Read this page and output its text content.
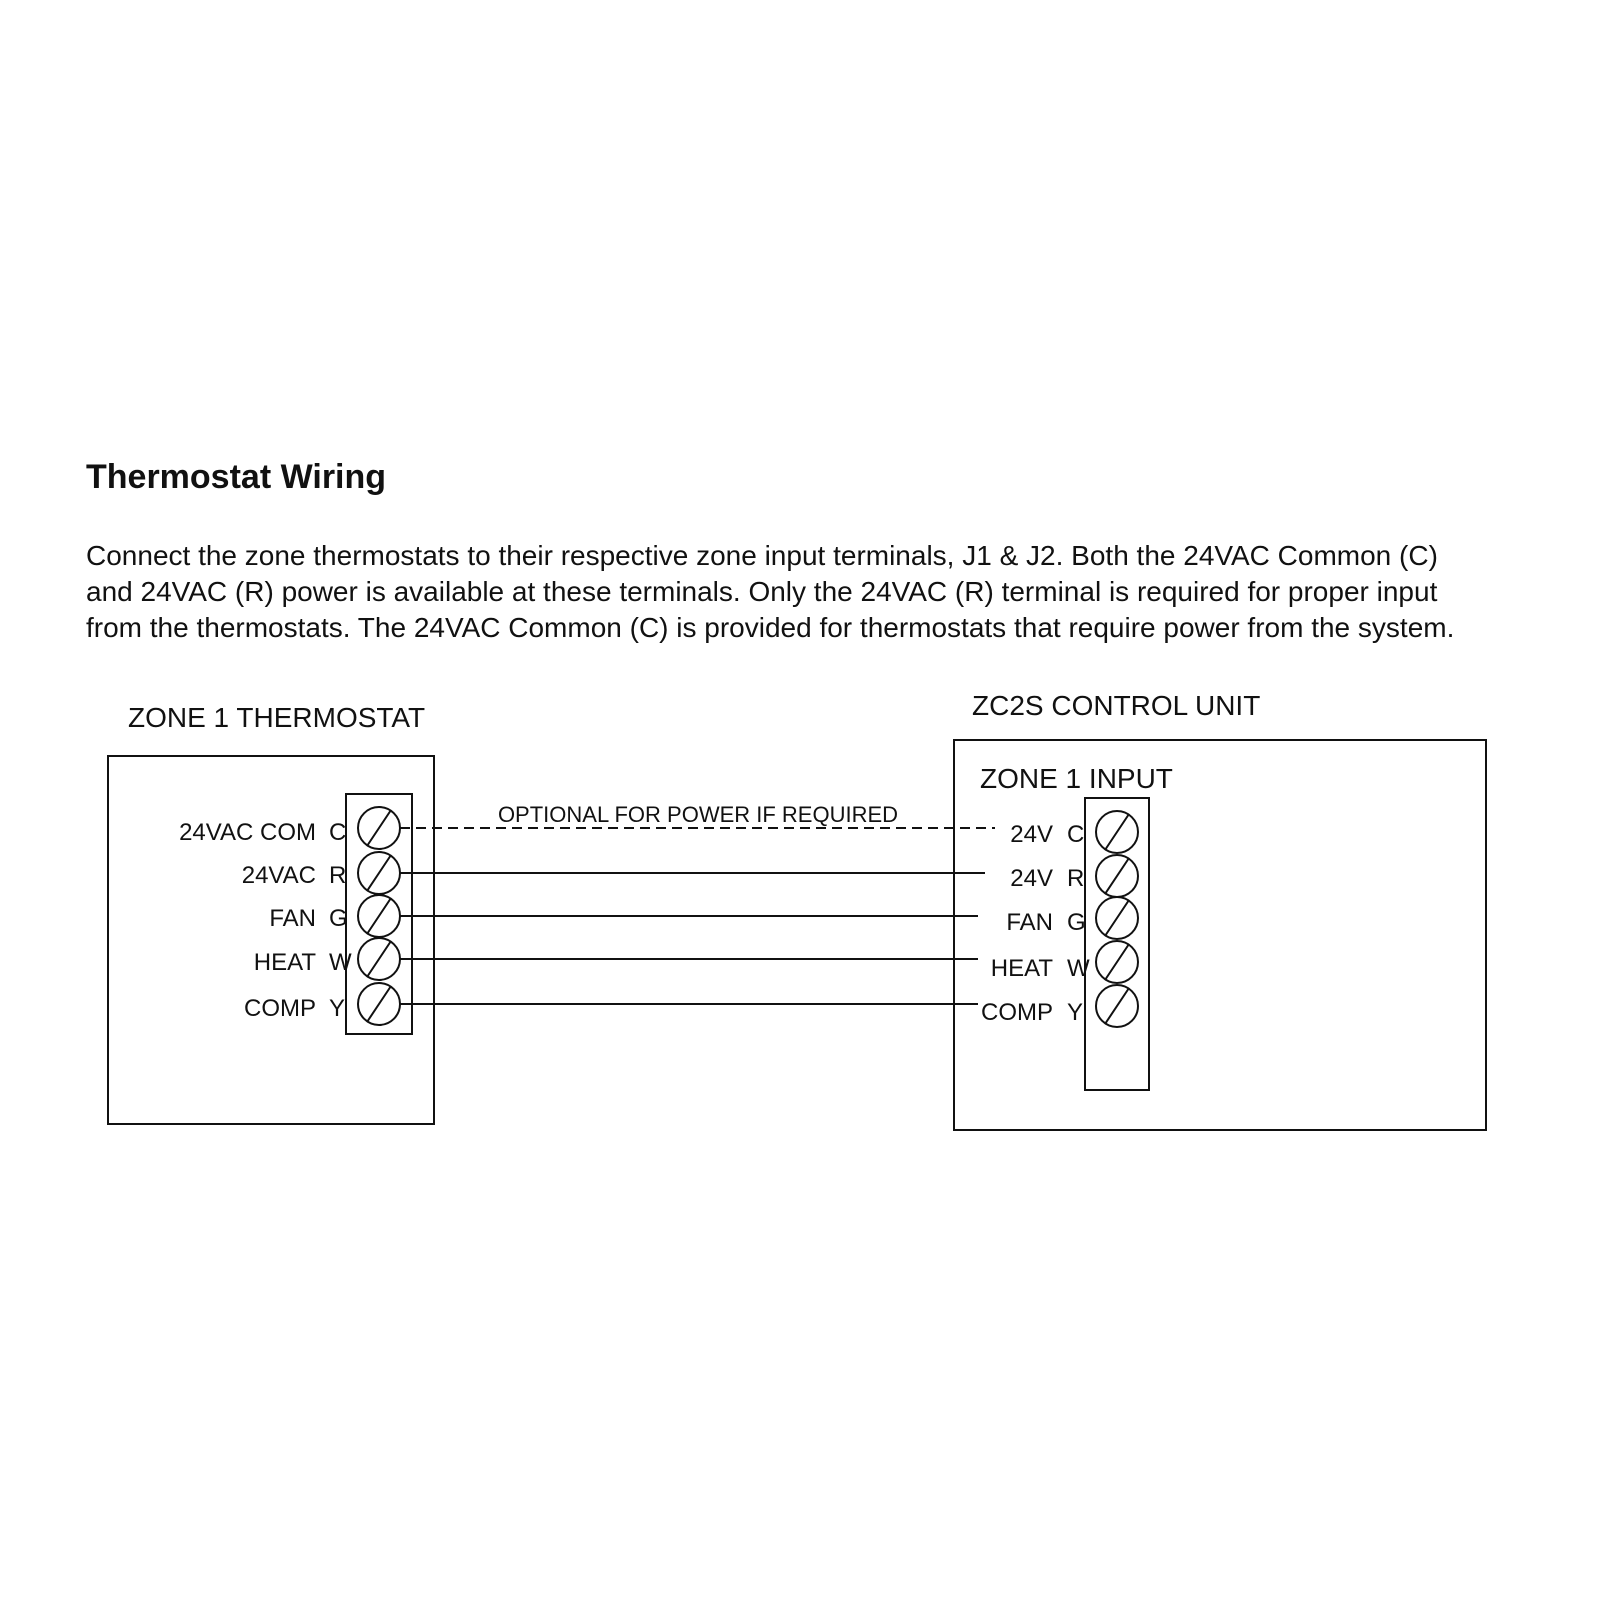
Thermostat Wiring

Connect the zone thermostats to their respective zone input terminals, J1 & J2. Both the 24VAC Common (C)
and 24VAC (R) power is available at these terminals. Only the 24VAC (R) terminal is required for proper input
from the thermostats. The 24VAC Common (C) is provided for thermostats that require power from the system.

ZONE 1 THERMOSTAT
24VAC COM C
24VAC R
FAN G
HEAT W
COMP Y
ZC2S CONTROL UNIT
ZONE 1 INPUT
24V C
24V R
FAN G
HEAT W
COMP Y
OPTIONAL FOR POWER IF REQUIRED
